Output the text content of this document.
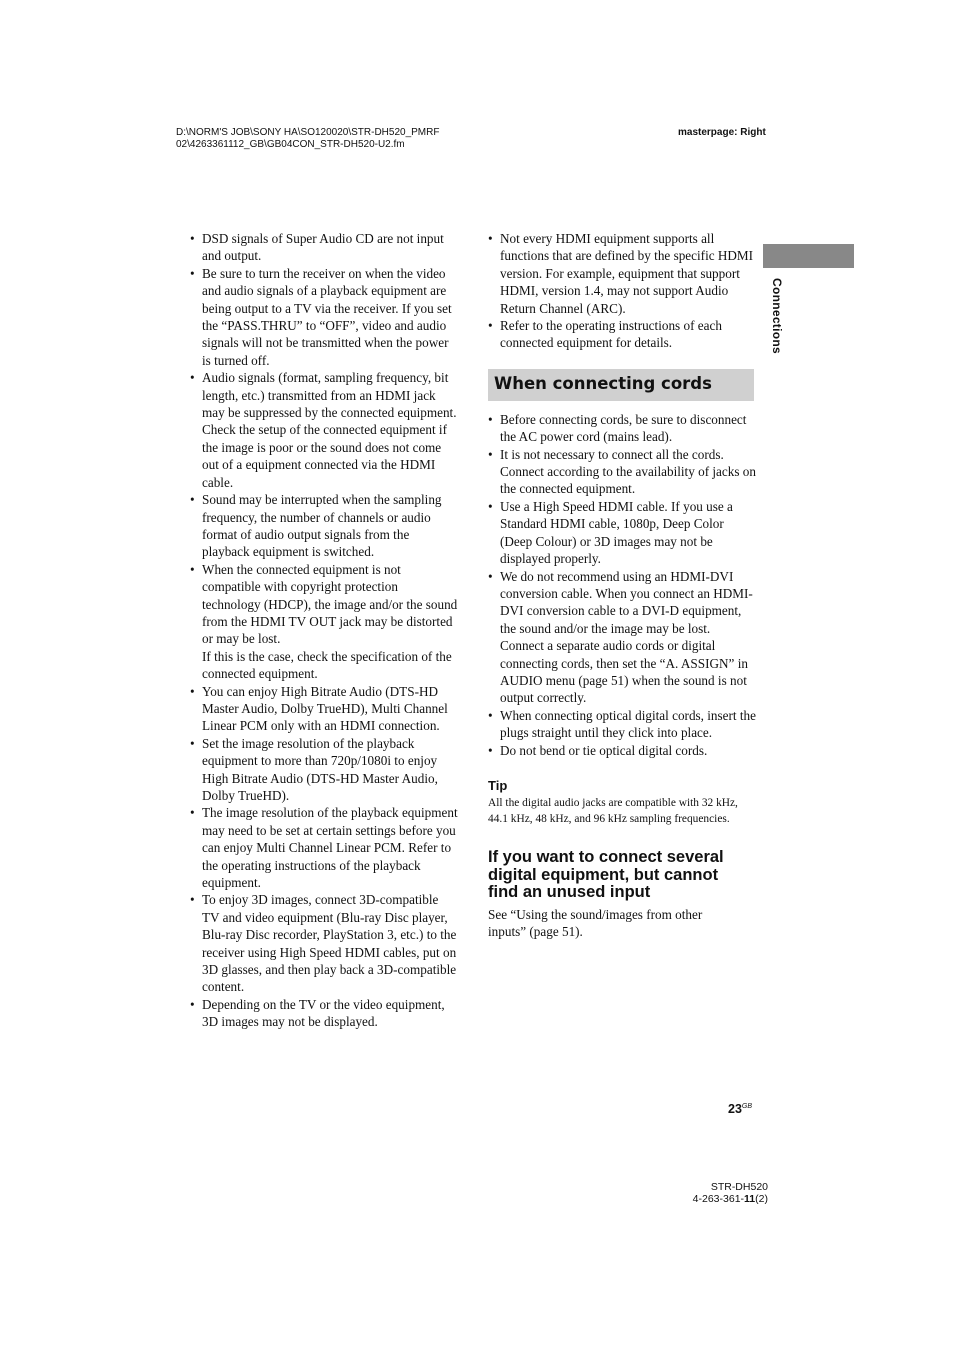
D:\NORM'S JOB\SONY HA\SO120020\STR-DH520_PMRF
02\4263361112_GB\GB04CON_STR-DH520-U2.fm
masterpage: Right
Connections
• DSD signals of Super Audio CD are not input and output.
• Be sure to turn the receiver on when the video and audio signals of a playback equipment are being output to a TV via the receiver. If you set the “PASS.THRU” to “OFF”, video and audio signals will not be transmitted when the power is turned off.
• Audio signals (format, sampling frequency, bit length, etc.) transmitted from an HDMI jack may be suppressed by the connected equipment. Check the setup of the connected equipment if the image is poor or the sound does not come out of a equipment connected via the HDMI cable.
• Sound may be interrupted when the sampling frequency, the number of channels or audio format of audio output signals from the playback equipment is switched.
• When the connected equipment is not compatible with copyright protection technology (HDCP), the image and/or the sound from the HDMI TV OUT jack may be distorted or may be lost.
If this is the case, check the specification of the connected equipment.
• You can enjoy High Bitrate Audio (DTS-HD Master Audio, Dolby TrueHD), Multi Channel Linear PCM only with an HDMI connection.
• Set the image resolution of the playback equipment to more than 720p/1080i to enjoy High Bitrate Audio (DTS-HD Master Audio, Dolby TrueHD).
• The image resolution of the playback equipment may need to be set at certain settings before you can enjoy Multi Channel Linear PCM. Refer to the operating instructions of the playback equipment.
• To enjoy 3D images, connect 3D-compatible TV and video equipment (Blu-ray Disc player, Blu-ray Disc recorder, PlayStation 3, etc.) to the receiver using High Speed HDMI cables, put on 3D glasses, and then play back a 3D-compatible content.
• Depending on the TV or the video equipment, 3D images may not be displayed.
• Not every HDMI equipment supports all functions that are defined by the specific HDMI version. For example, equipment that support HDMI, version 1.4, may not support Audio Return Channel (ARC).
• Refer to the operating instructions of each connected equipment for details.
When connecting cords
• Before connecting cords, be sure to disconnect the AC power cord (mains lead).
• It is not necessary to connect all the cords. Connect according to the availability of jacks on the connected equipment.
• Use a High Speed HDMI cable. If you use a Standard HDMI cable, 1080p, Deep Color (Deep Colour) or 3D images may not be displayed properly.
• We do not recommend using an HDMI-DVI conversion cable. When you connect an HDMI-DVI conversion cable to a DVI-D equipment, the sound and/or the image may be lost. Connect a separate audio cords or digital connecting cords, then set the “A. ASSIGN” in AUDIO menu (page 51) when the sound is not output correctly.
• When connecting optical digital cords, insert the plugs straight until they click into place.
• Do not bend or tie optical digital cords.
Tip
All the digital audio jacks are compatible with 32 kHz, 44.1 kHz, 48 kHz, and 96 kHz sampling frequencies.
If you want to connect several digital equipment, but cannot find an unused input
See “Using the sound/images from other inputs” (page 51).
$23^{GB}$
STR-DH520
4-263-361-11(2)
